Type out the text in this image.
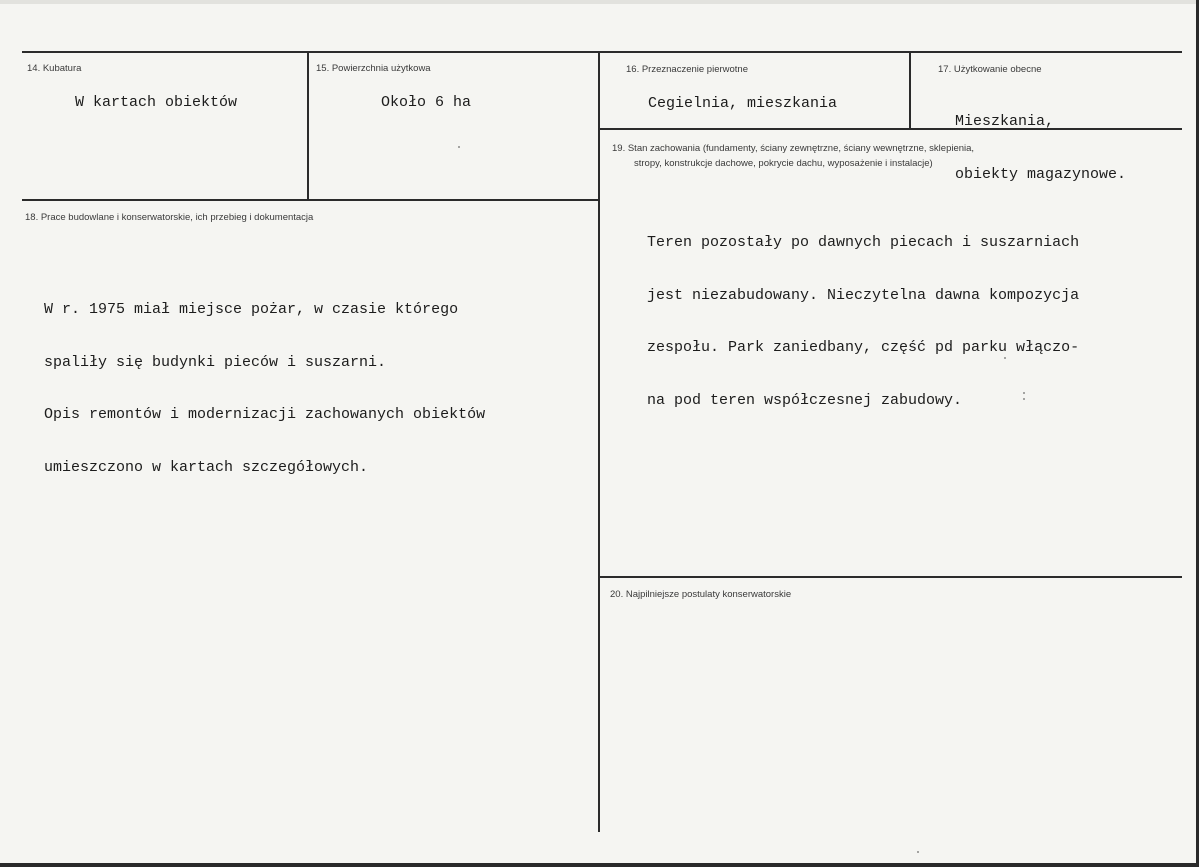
14. Kubatura
W kartach obiektów
15. Powierzchnia użytkowa
Około 6 ha
16. Przeznaczenie pierwotne
Cegielnia, mieszkania
17. Użytkowanie obecne

Mieszkania,

obiekty magazynowe.

18. Prace budowlane i konserwatorskie, ich przebieg i dokumentacja

W r. 1975 miał miejsce pożar, w czasie którego

spaliły się budynki pieców i suszarni.

Opis remontów i modernizacji zachowanych obiektów

umieszczono w kartach szczegółowych.

19. Stan zachowania (fundamenty, ściany zewnętrzne, ściany wewnętrzne, sklepienia,
stropy, konstrukcje dachowe, pokrycie dachu, wyposażenie i instalacje)

Teren pozostały po dawnych piecach i suszarniach

jest niezabudowany. Nieczytelna dawna kompozycja

zespołu. Park zaniedbany, część pd parku włączo-

na pod teren współczesnej zabudowy.

20. Najpilniejsze postulaty konserwatorskie
